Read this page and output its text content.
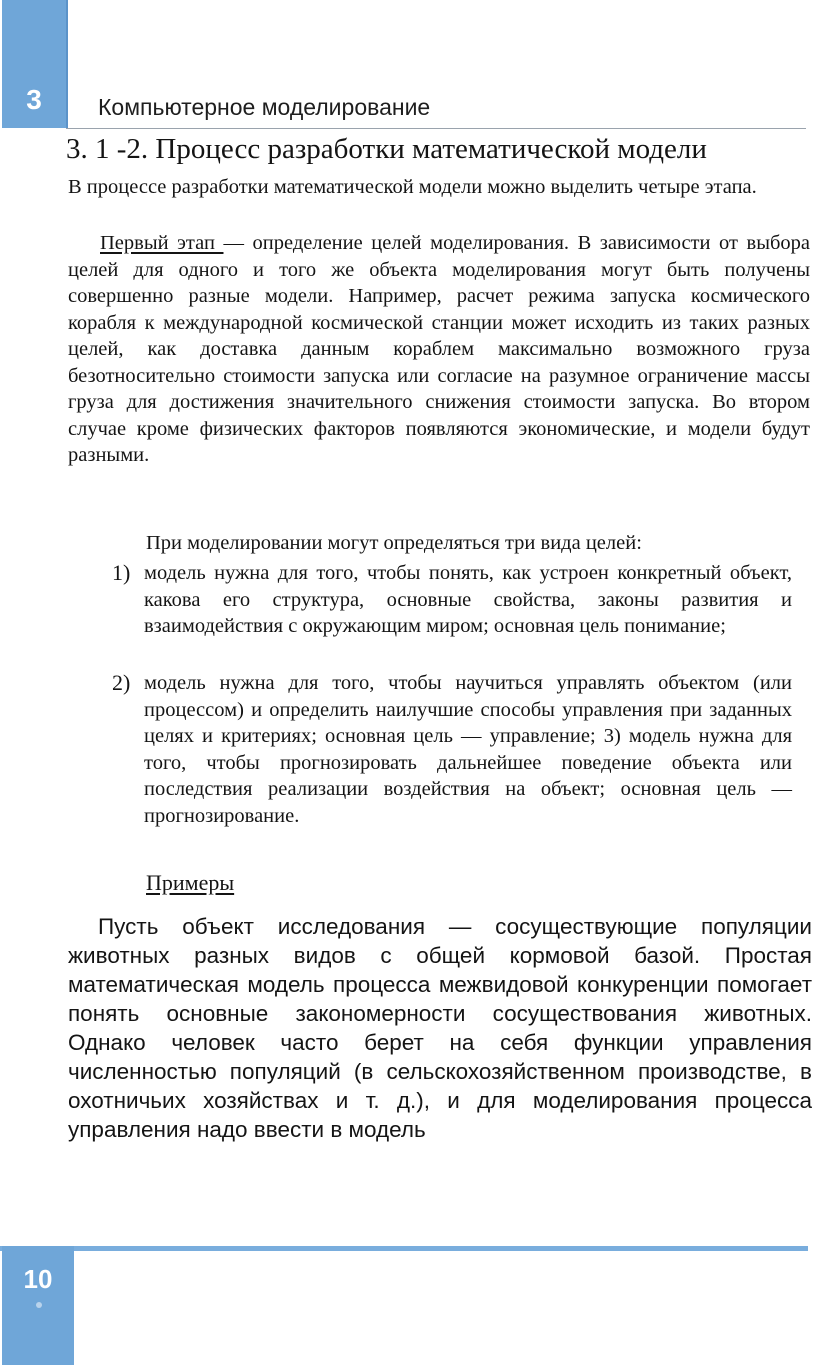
3	Компьютерное моделирование
3. 1 -2. Процесс разработки математической модели
В процессе разработки математической модели можно выделить четыре этапа.
Первый этап — определение целей моделирования. В зависимости от выбора целей для одного и того же объекта моделирования могут быть получены совершенно разные модели. Например, расчет режима запуска космического корабля к международной космической станции может исходить из таких разных целей, как доставка данным кораблем максимально возможного груза безотносительно стоимости запуска или согласие на разумное ограничение массы груза для достижения значительного снижения стоимости запуска. Во втором случае кроме физических факторов появляются экономические, и модели будут разными.
При моделировании могут определяться три вида целей:
1) модель нужна для того, чтобы понять, как устроен конкретный объект, какова его структура, основные свойства, законы развития и взаимодействия с окружающим миром; основная цель понимание;
2) модель нужна для того, чтобы научиться управлять объектом (или процессом) и определить наилучшие способы управления при заданных целях и критериях; основная цель — управление; 3) модель нужна для того, чтобы прогнозировать дальнейшее поведение объекта или последствия реализации воздействия на объект; основная цель — прогнозирование.
Примеры
Пусть объект исследования — сосуществующие популяции животных разных видов с общей кормовой базой. Простая математическая модель процесса межвидовой конкуренции помогает понять основные закономерности сосуществования животных. Однако человек часто берет на себя функции управления численностью популяций (в сельскохозяйственном производстве, в охотничьих хозяйствах и т. д.), и для моделирования процесса управления надо ввести в модель
10
